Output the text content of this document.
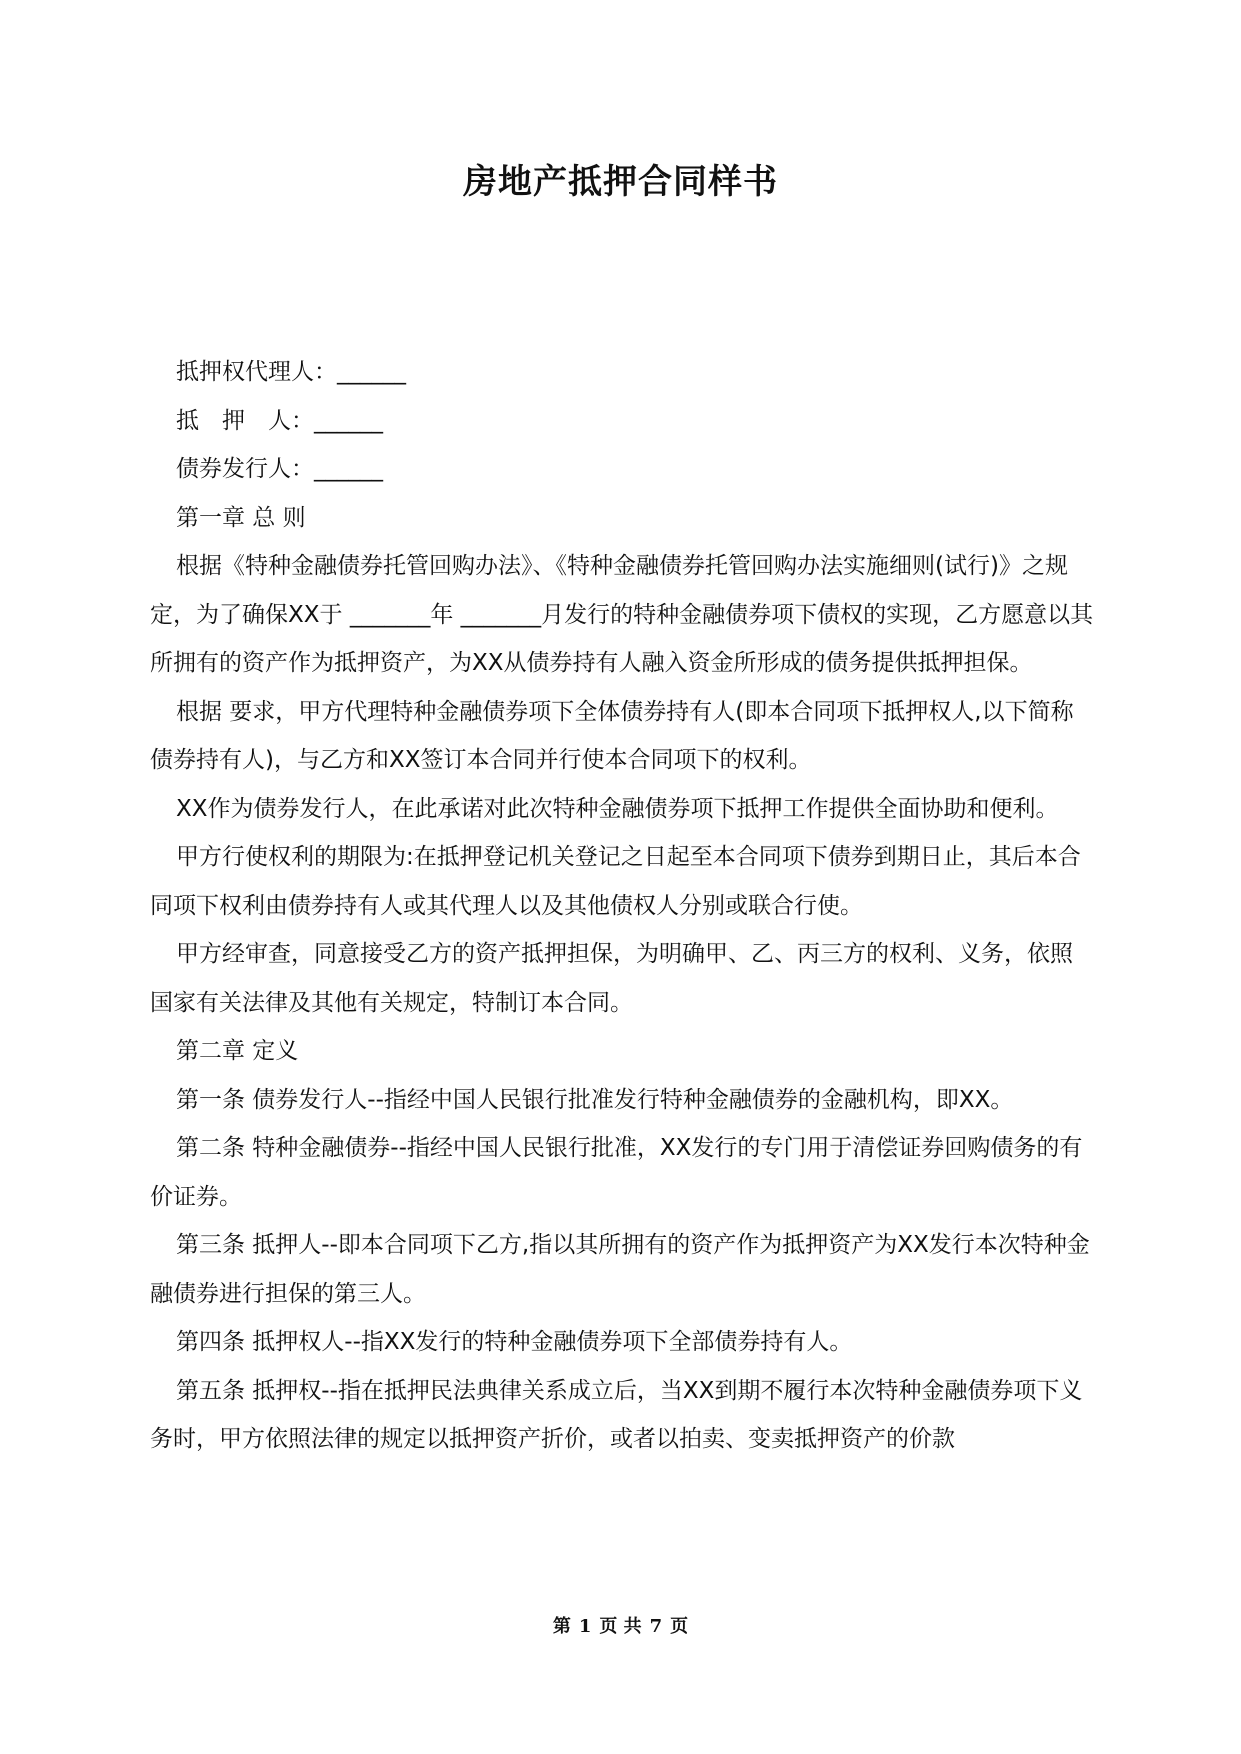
房地产抵押合同样书

抵押权代理人：______

抵　押　人：______

债券发行人：______

第一章 总 则

根据《特种金融债券托管回购办法》、《特种金融债券托管回购办法实施细则(试行)》之规定，为了确保XX于 _______年 _______月发行的特种金融债券项下债权的实现，乙方愿意以其所拥有的资产作为抵押资产，为XX从债券持有人融入资金所形成的债务提供抵押担保。

根据 要求，甲方代理特种金融债券项下全体债券持有人(即本合同项下抵押权人,以下简称债券持有人)，与乙方和XX签订本合同并行使本合同项下的权利。

XX作为债券发行人，在此承诺对此次特种金融债券项下抵押工作提供全面协助和便利。

甲方行使权利的期限为:在抵押登记机关登记之日起至本合同项下债券到期日止，其后本合同项下权利由债券持有人或其代理人以及其他债权人分别或联合行使。

甲方经审查，同意接受乙方的资产抵押担保，为明确甲、乙、丙三方的权利、义务，依照国家有关法律及其他有关规定，特制订本合同。

第二章 定义

第一条 债券发行人--指经中国人民银行批准发行特种金融债券的金融机构，即XX。

第二条 特种金融债券--指经中国人民银行批准，XX发行的专门用于清偿证券回购债务的有价证券。

第三条 抵押人--即本合同项下乙方,指以其所拥有的资产作为抵押资产为XX发行本次特种金融债券进行担保的第三人。

第四条 抵押权人--指XX发行的特种金融债券项下全部债券持有人。

第五条 抵押权--指在抵押民法典律关系成立后，当XX到期不履行本次特种金融债券项下义务时，甲方依照法律的规定以抵押资产折价，或者以拍卖、变卖抵押资产的价款

第 1 页 共 7 页
